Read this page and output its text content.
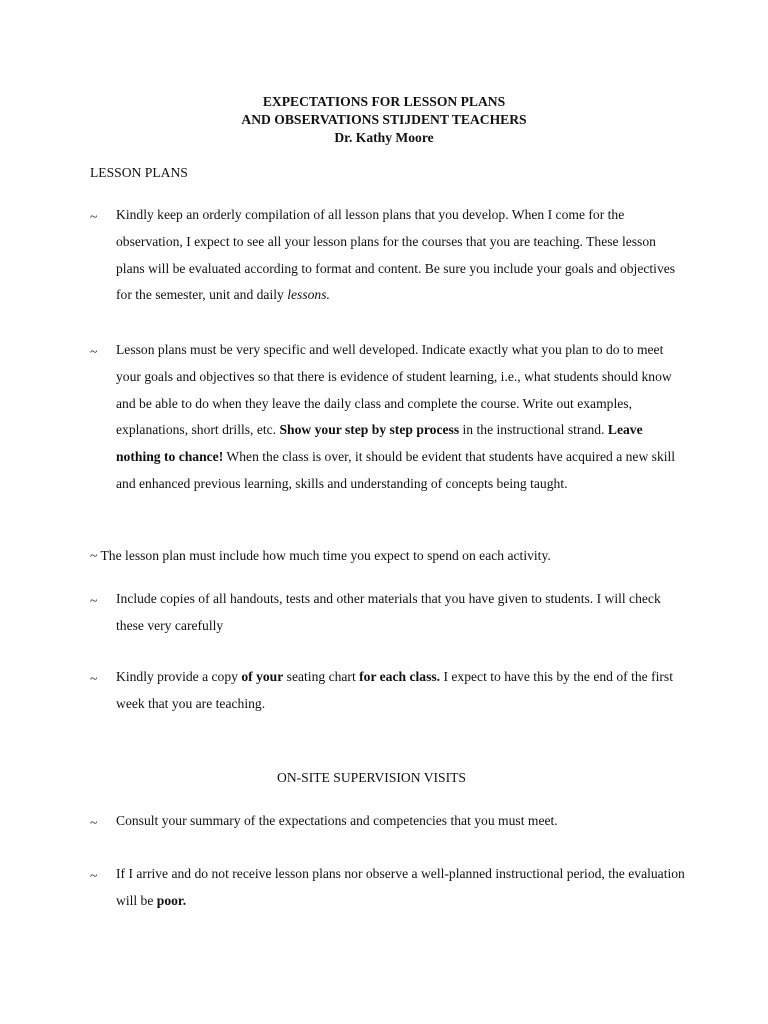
EXPECTATIONS FOR LESSON PLANS
AND OBSERVATIONS STIJDENT TEACHERS
Dr. Kathy Moore
LESSON PLANS
~ Kindly keep an orderly compilation of all lesson plans that you develop. When I come for the observation, I expect to see all your lesson plans for the courses that you are teaching. These lesson plans will be evaluated according to format and content. Be sure you include your goals and objectives for the semester, unit and daily lessons.
~ Lesson plans must be very specific and well developed. Indicate exactly what you plan to do to meet your goals and objectives so that there is evidence of student learning, i.e., what students should know and be able to do when they leave the daily class and complete the course. Write out examples, explanations, short drills, etc. Show your step by step process in the instructional strand. Leave nothing to chance! When the class is over, it should be evident that students have acquired a new skill and enhanced previous learning, skills and understanding of concepts being taught.
~ The lesson plan must include how much time you expect to spend on each activity.
~ Include copies of all handouts, tests and other materials that you have given to students. I will check these very carefully
~ Kindly provide a copy of your seating chart for each class. I expect to have this by the end of the first week that you are teaching.
ON-SITE SUPERVISION VISITS
~ Consult your summary of the expectations and competencies that you must meet.
~ If I arrive and do not receive lesson plans nor observe a well-planned instructional period, the evaluation will be poor.
